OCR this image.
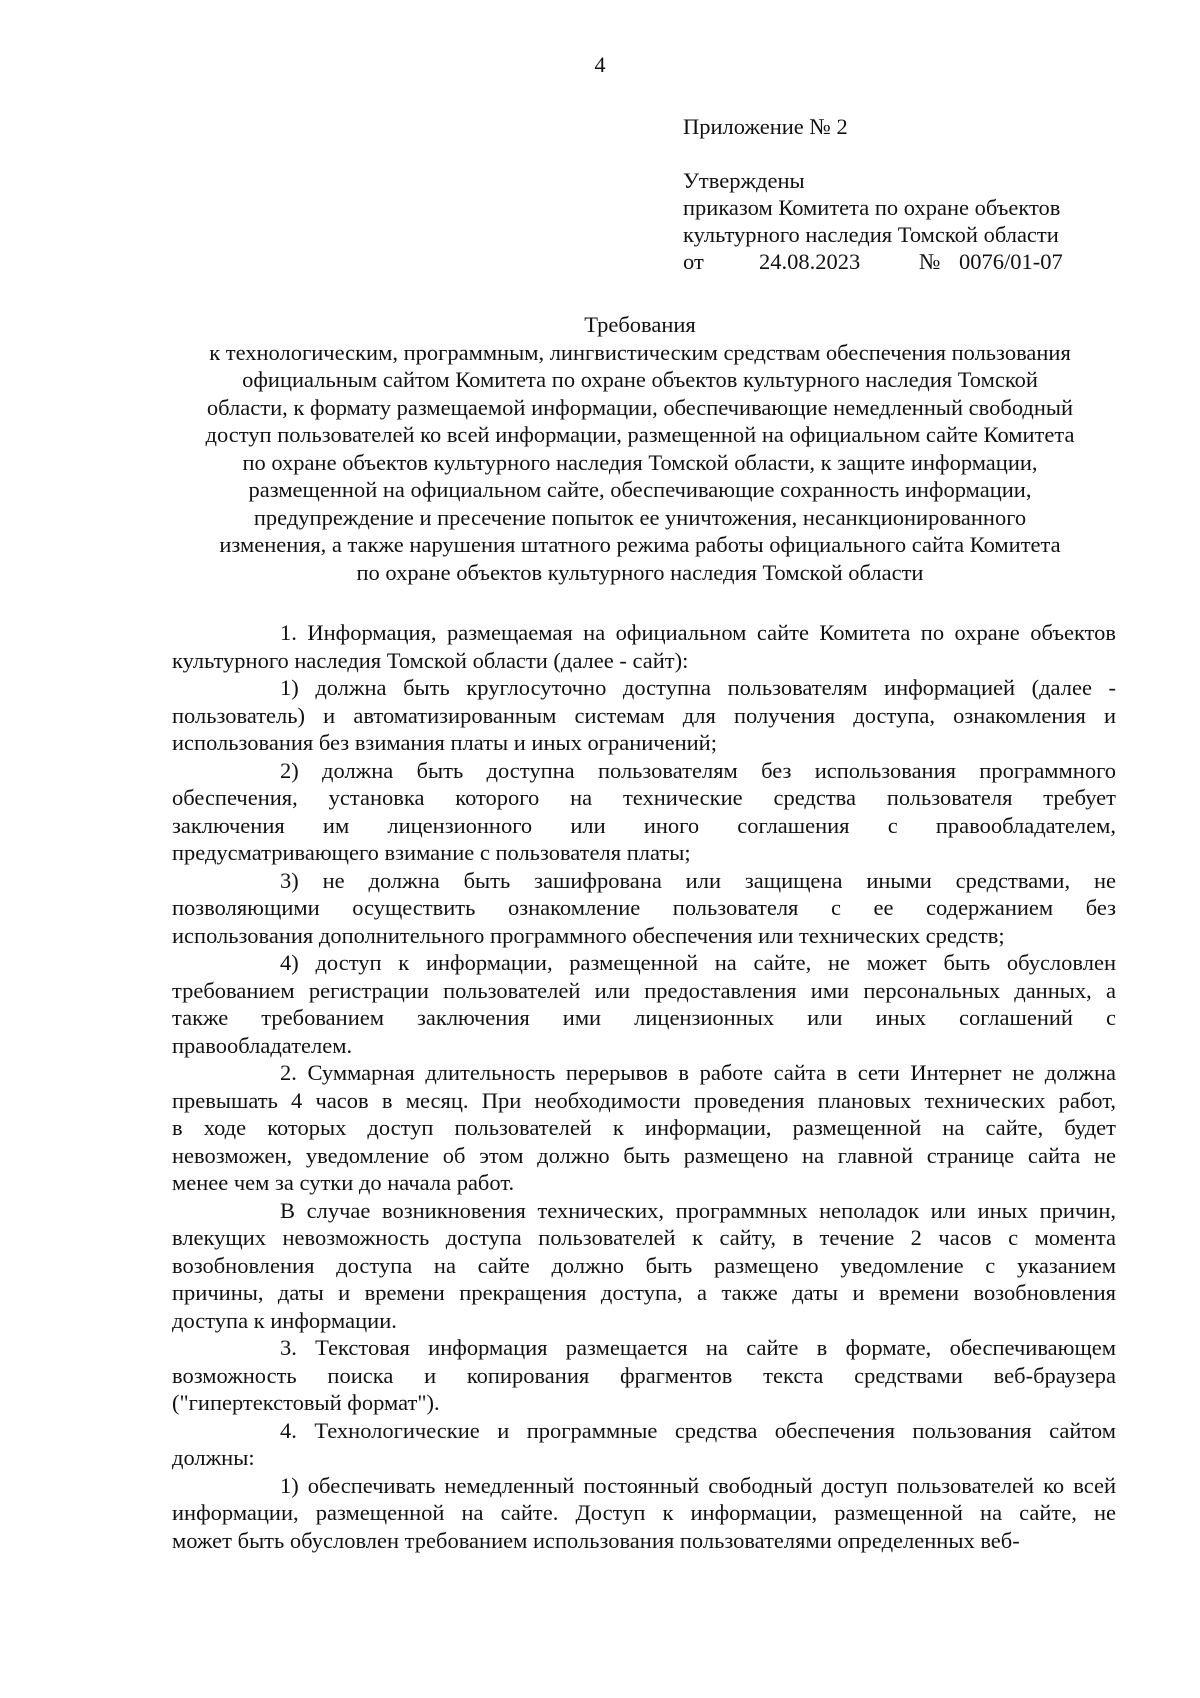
4
Приложение № 2
Утверждены
приказом Комитета по охране объектов
культурного наследия Томской области
от	24.08.2023	№ 0076/01-07
Требования
к технологическим, программным, лингвистическим средствам обеспечения пользования
официальным сайтом Комитета по охране объектов культурного наследия Томской
области, к формату размещаемой информации, обеспечивающие немедленный свободный
доступ пользователей ко всей информации, размещенной на официальном сайте Комитета
по охране объектов культурного наследия Томской области, к защите информации,
размещенной на официальном сайте, обеспечивающие сохранность информации,
предупреждение и пресечение попыток ее уничтожения, несанкционированного
изменения, а также нарушения штатного режима работы официального сайта Комитета
по охране объектов культурного наследия Томской области
1. Информация, размещаемая на официальном сайте Комитета по охране объектов
культурного наследия Томской области (далее - сайт):
1) должна быть круглосуточно доступна пользователям информацией (далее -
пользователь) и автоматизированным системам для получения доступа, ознакомления и
использования без взимания платы и иных ограничений;
2) должна быть доступна пользователям без использования программного
обеспечения, установка которого на технические средства пользователя требует
заключения им лицензионного или иного соглашения с правообладателем,
предусматривающего взимание с пользователя платы;
3) не должна быть зашифрована или защищена иными средствами, не
позволяющими осуществить ознакомление пользователя с ее содержанием без
использования дополнительного программного обеспечения или технических средств;
4) доступ к информации, размещенной на сайте, не может быть обусловлен
требованием регистрации пользователей или предоставления ими персональных данных, а
также требованием заключения ими лицензионных или иных соглашений с
правообладателем.
2. Суммарная длительность перерывов в работе сайта в сети Интернет не должна
превышать 4 часов в месяц. При необходимости проведения плановых технических работ,
в ходе которых доступ пользователей к информации, размещенной на сайте, будет
невозможен, уведомление об этом должно быть размещено на главной странице сайта не
менее чем за сутки до начала работ.
В случае возникновения технических, программных неполадок или иных причин,
влекущих невозможность доступа пользователей к сайту, в течение 2 часов с момента
возобновления доступа на сайте должно быть размещено уведомление с указанием
причины, даты и времени прекращения доступа, а также даты и времени возобновления
доступа к информации.
3. Текстовая информация размещается на сайте в формате, обеспечивающем
возможность поиска и копирования фрагментов текста средствами веб-браузера
("гипертекстовый формат").
4. Технологические и программные средства обеспечения пользования сайтом
должны:
1) обеспечивать немедленный постоянный свободный доступ пользователей ко всей
информации, размещенной на сайте. Доступ к информации, размещенной на сайте, не
может быть обусловлен требованием использования пользователями определенных веб-
